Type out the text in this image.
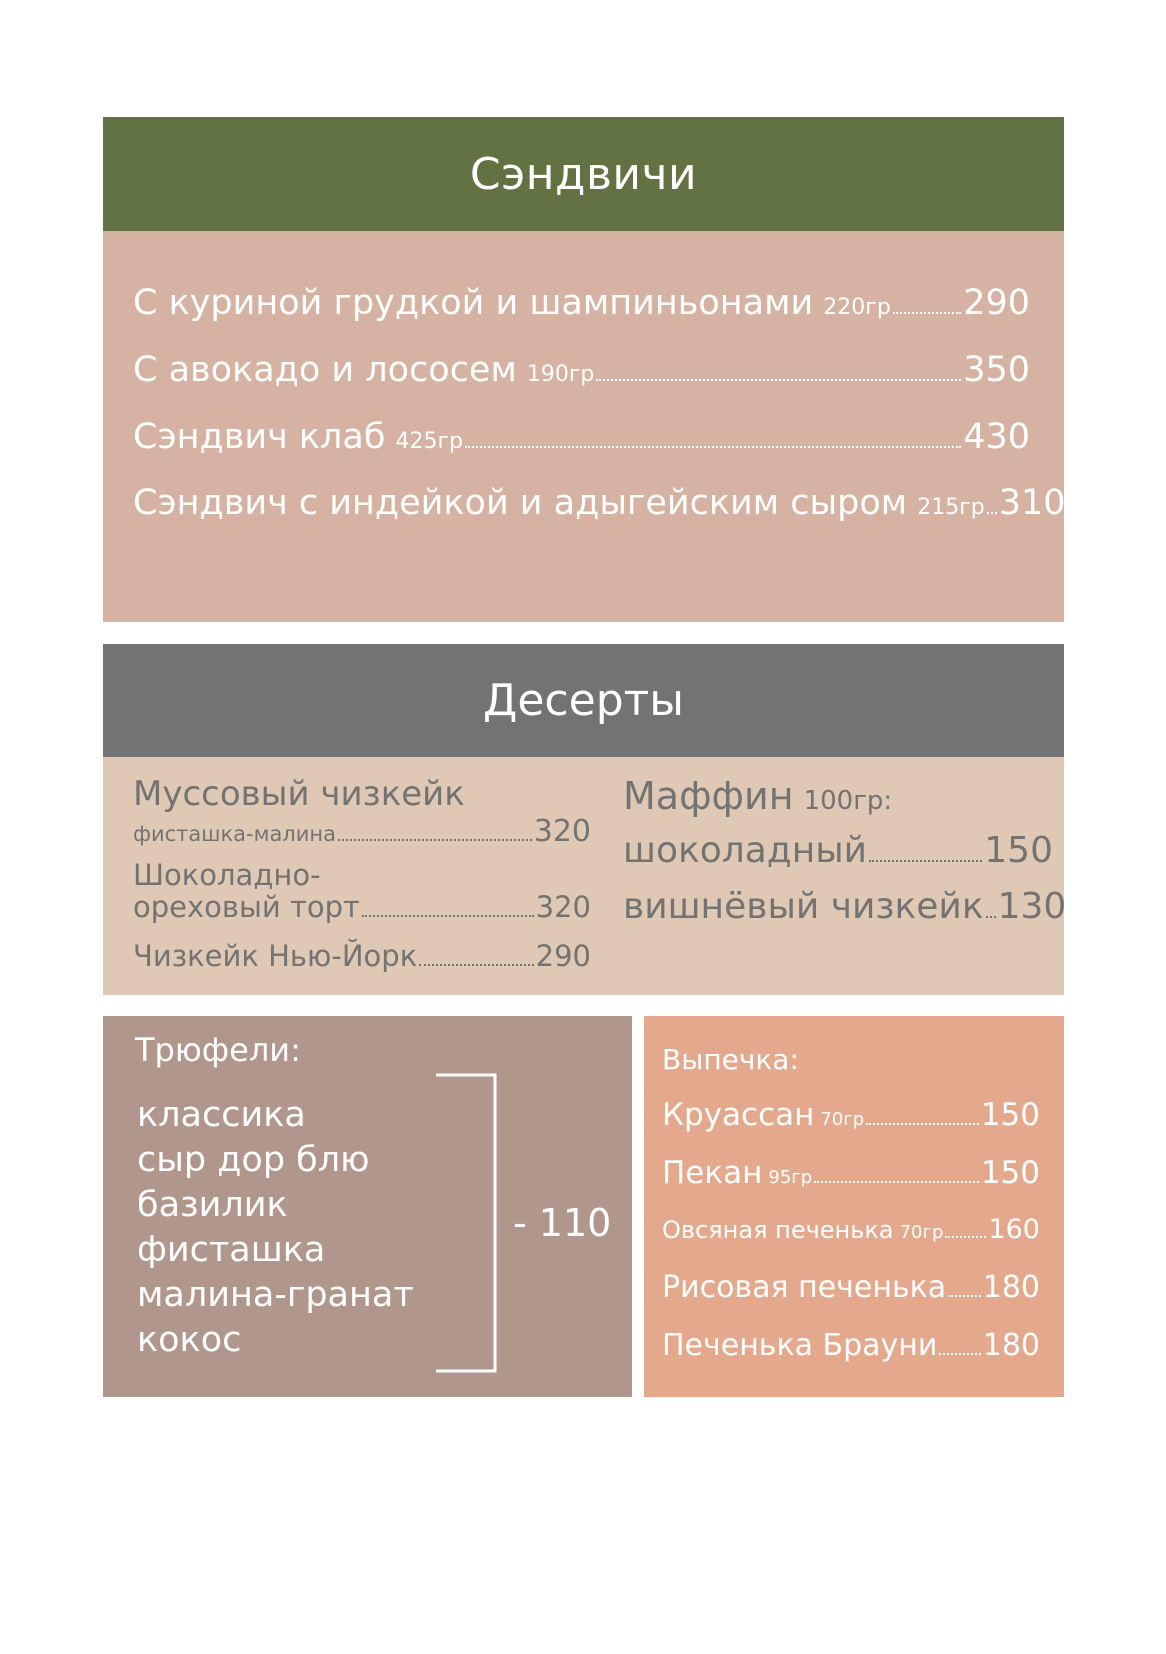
Сэндвичи
С куриной грудкой и шампиньонами 220гр 290
С авокадо и лососем 190гр	350
Сэндвич клаб 425гр	430
Сэндвич с индейкой и адыгейским сыром 215гр 310
Десерты
Муссовый чизкейк
фисташка-малина	320
Шоколадно-
ореховый торт	320
Чизкейк Нью-Йорк	290
Маффин 100гр:
шоколадный	150
вишнёвый чизкейк 130
Трюфели:
классика
сыр дор блю
базилик
фисташка
малина-гранат
кокос
- 110
Выпечка:
Круассан 70гр	150
Пекан 95гр	150
Овсяная печенька 70гр 160
Рисовая печенька 180
Печенька Брауни 180
